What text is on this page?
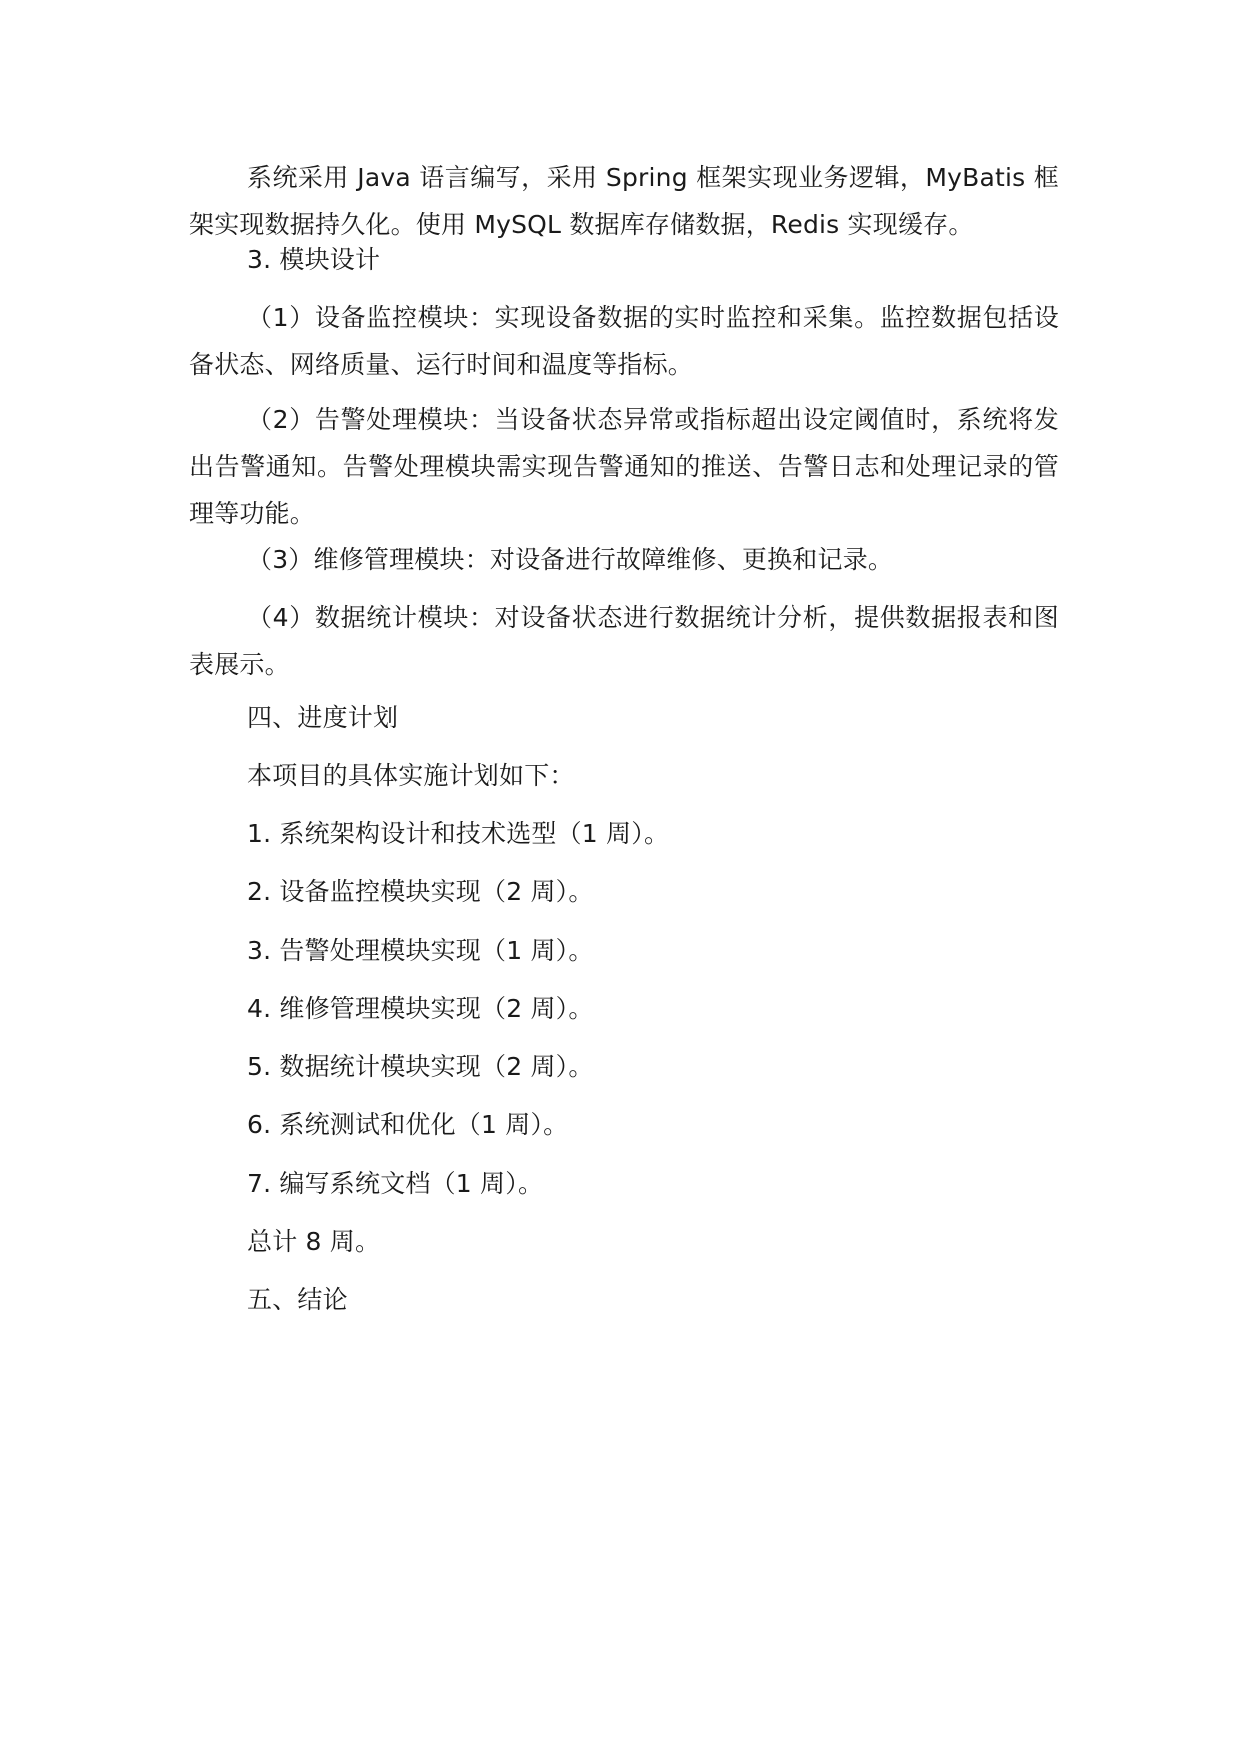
系统采用 Java 语言编写，采用 Spring 框架实现业务逻辑，MyBatis 框架实现数据持久化。使用 MySQL 数据库存储数据，Redis 实现缓存。

3. 模块设计

（1）设备监控模块：实现设备数据的实时监控和采集。监控数据包括设备状态、网络质量、运行时间和温度等指标。

（2）告警处理模块：当设备状态异常或指标超出设定阈值时，系统将发出告警通知。告警处理模块需实现告警通知的推送、告警日志和处理记录的管理等功能。

（3）维修管理模块：对设备进行故障维修、更换和记录。

（4）数据统计模块：对设备状态进行数据统计分析，提供数据报表和图表展示。

四、进度计划

本项目的具体实施计划如下：

1. 系统架构设计和技术选型（1 周）。

2. 设备监控模块实现（2 周）。

3. 告警处理模块实现（1 周）。

4. 维修管理模块实现（2 周）。

5. 数据统计模块实现（2 周）。

6. 系统测试和优化（1 周）。

7. 编写系统文档（1 周）。

总计 8 周。

五、结论
